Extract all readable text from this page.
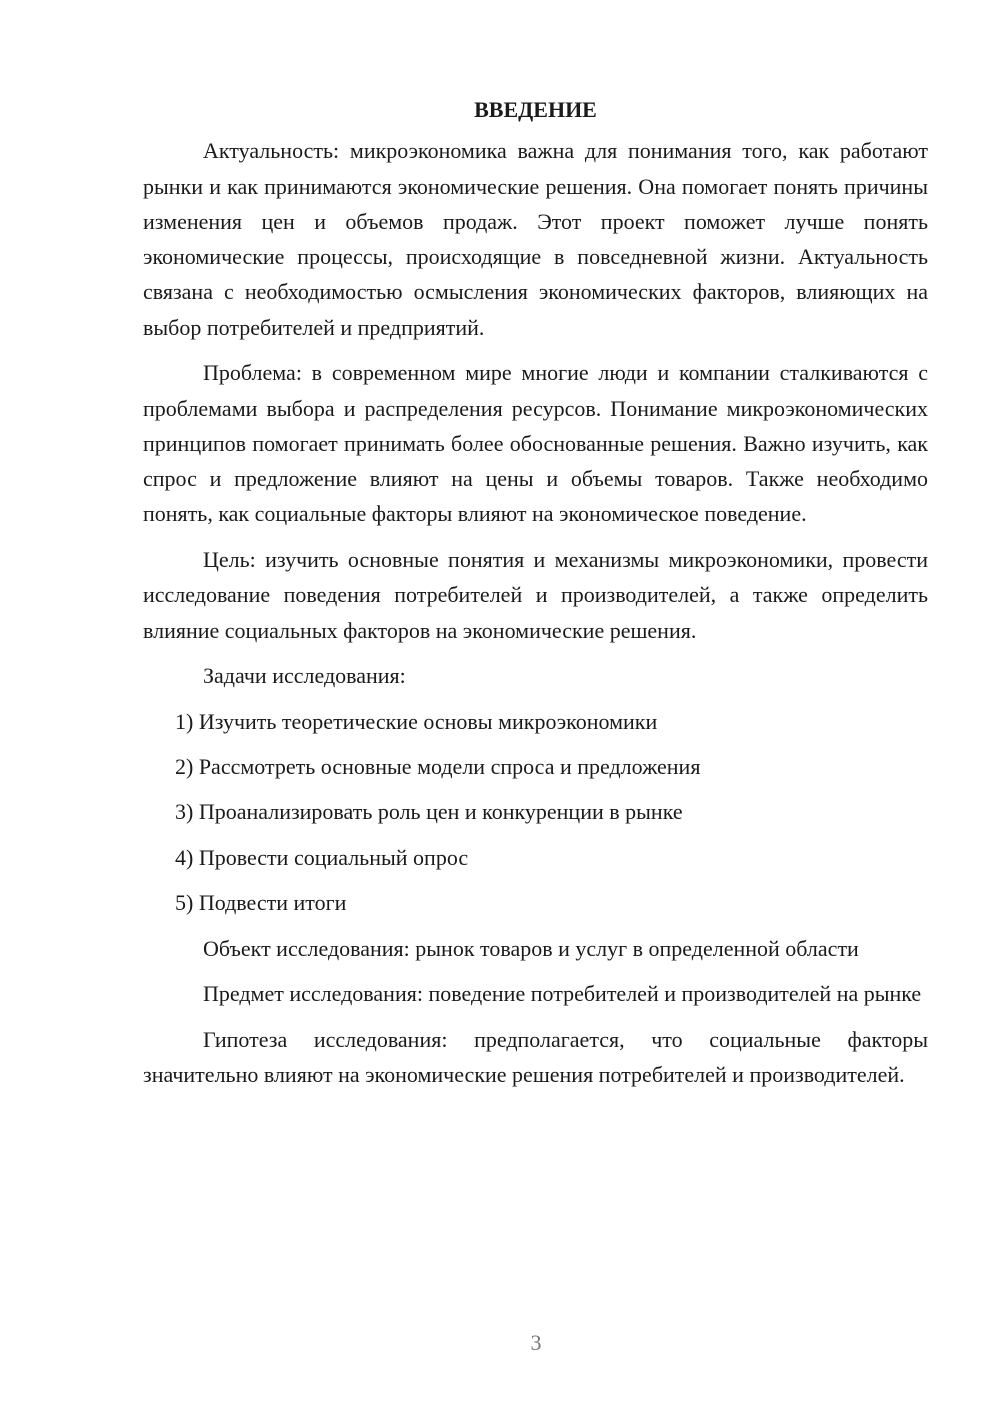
ВВЕДЕНИЕ

Актуальность: микроэкономика важна для понимания того, как работают рынки и как принимаются экономические решения. Она помогает понять причины изменения цен и объемов продаж. Этот проект поможет лучше понять экономические процессы, происходящие в повседневной жизни. Актуальность связана с необходимостью осмысления экономических факторов, влияющих на выбор потребителей и предприятий.

Проблема: в современном мире многие люди и компании сталкиваются с проблемами выбора и распределения ресурсов. Понимание микроэкономических принципов помогает принимать более обоснованные решения. Важно изучить, как спрос и предложение влияют на цены и объемы товаров. Также необходимо понять, как социальные факторы влияют на экономическое поведение.

Цель: изучить основные понятия и механизмы микроэкономики, провести исследование поведения потребителей и производителей, а также определить влияние социальных факторов на экономические решения.

Задачи исследования:

1) Изучить теоретические основы микроэкономики
2) Рассмотреть основные модели спроса и предложения
3) Проанализировать роль цен и конкуренции в рынке
4) Провести социальный опрос
5) Подвести итоги

Объект исследования: рынок товаров и услуг в определенной области

Предмет исследования: поведение потребителей и производителей на рынке

Гипотеза исследования: предполагается, что социальные факторы значительно влияют на экономические решения потребителей и производителей.

3
